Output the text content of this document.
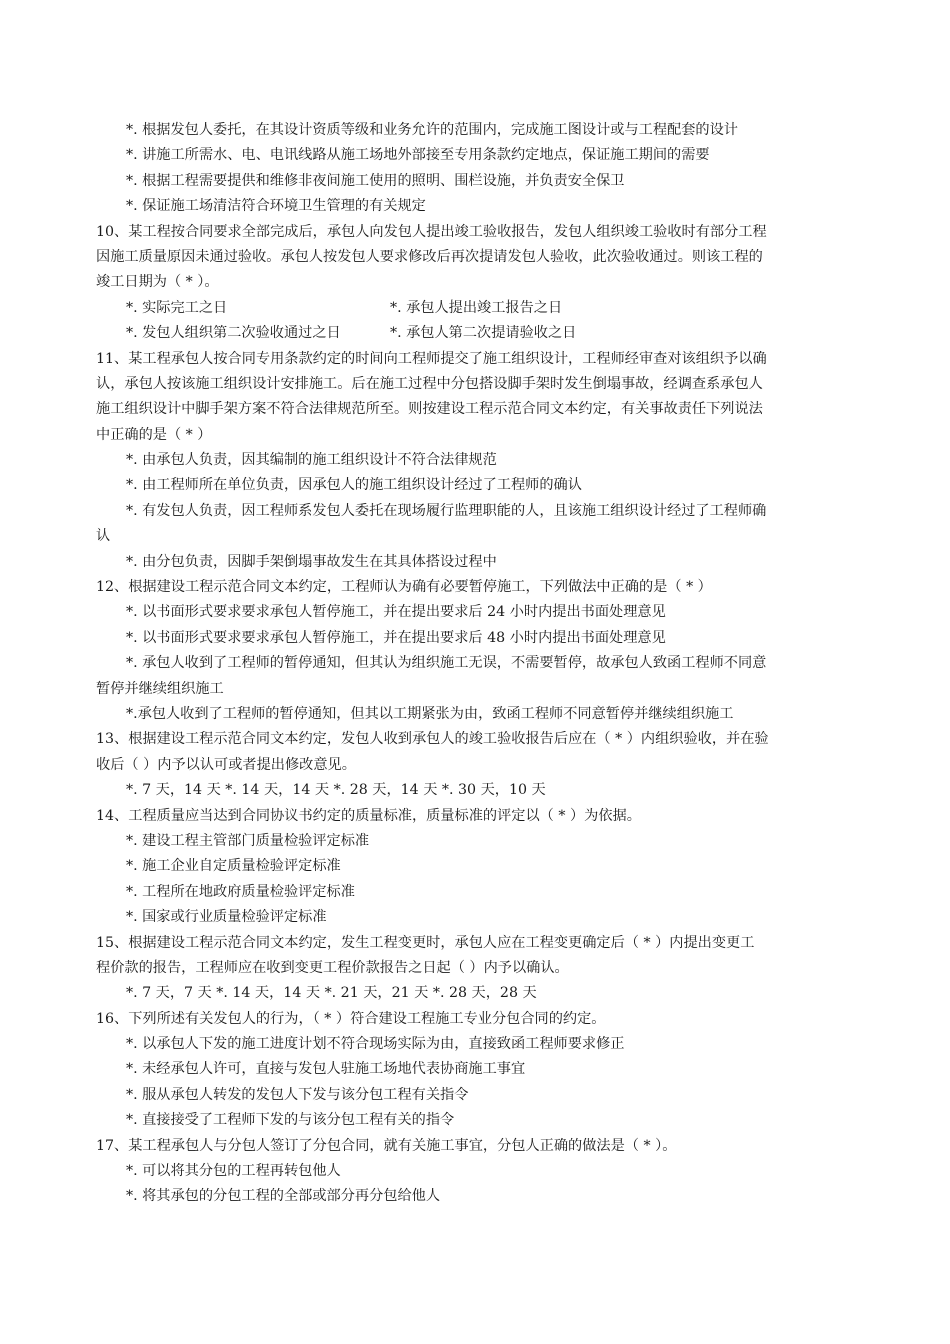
*. 根据发包人委托，在其设计资质等级和业务允许的范围内，完成施工图设计或与工程配套的设计
*. 讲施工所需水、电、电讯线路从施工场地外部接至专用条款约定地点，保证施工期间的需要
*. 根据工程需要提供和维修非夜间施工使用的照明、围栏设施，并负责安全保卫
*. 保证施工场清洁符合环境卫生管理的有关规定
10、某工程按合同要求全部完成后，承包人向发包人提出竣工验收报告，发包人组织竣工验收时有部分工程
因施工质量原因未通过验收。承包人按发包人要求修改后再次提请发包人验收，此次验收通过。则该工程的
竣工日期为（ * ）。
*. 实际完工之日	*. 承包人提出竣工报告之日
*. 发包人组织第二次验收通过之日	*. 承包人第二次提请验收之日
11、某工程承包人按合同专用条款约定的时间向工程师提交了施工组织设计，工程师经审查对该组织予以确
认，承包人按该施工组织设计安排施工。后在施工过程中分包搭设脚手架时发生倒塌事故，经调查系承包人
施工组织设计中脚手架方案不符合法律规范所至。则按建设工程示范合同文本约定，有关事故责任下列说法
中正确的是（ * ）
*. 由承包人负责，因其编制的施工组织设计不符合法律规范
*. 由工程师所在单位负责，因承包人的施工组织设计经过了工程师的确认
*. 有发包人负责，因工程师系发包人委托在现场履行监理职能的人，且该施工组织设计经过了工程师确
认
*. 由分包负责，因脚手架倒塌事故发生在其具体搭设过程中
12、根据建设工程示范合同文本约定，工程师认为确有必要暂停施工，下列做法中正确的是（ * ）
*. 以书面形式要求要求承包人暂停施工，并在提出要求后 24 小时内提出书面处理意见
*. 以书面形式要求要求承包人暂停施工，并在提出要求后 48 小时内提出书面处理意见
*. 承包人收到了工程师的暂停通知，但其认为组织施工无误，不需要暂停，故承包人致函工程师不同意
暂停并继续组织施工
*.承包人收到了工程师的暂停通知，但其以工期紧张为由，致函工程师不同意暂停并继续组织施工
13、根据建设工程示范合同文本约定，发包人收到承包人的竣工验收报告后应在（ * ）内组织验收，并在验
收后（ ）内予以认可或者提出修改意见。
*. 7 天，14 天 *. 14 天，14 天 *. 28 天，14 天 *. 30 天，10 天
14、工程质量应当达到合同协议书约定的质量标准，质量标准的评定以（ * ）为依据。
*. 建设工程主管部门质量检验评定标准
*. 施工企业自定质量检验评定标准
*. 工程所在地政府质量检验评定标准
*. 国家或行业质量检验评定标准
15、根据建设工程示范合同文本约定，发生工程变更时，承包人应在工程变更确定后（ * ）内提出变更工
程价款的报告，工程师应在收到变更工程价款报告之日起（ ）内予以确认。
*. 7 天，7 天 *. 14 天，14 天 *. 21 天，21 天 *. 28 天，28 天
16、下列所述有关发包人的行为，（ * ）符合建设工程施工专业分包合同的约定。
*. 以承包人下发的施工进度计划不符合现场实际为由，直接致函工程师要求修正
*. 未经承包人许可，直接与发包人驻施工场地代表协商施工事宜
*. 服从承包人转发的发包人下发与该分包工程有关指令
*. 直接接受了工程师下发的与该分包工程有关的指令
17、某工程承包人与分包人签订了分包合同，就有关施工事宜，分包人正确的做法是（ * ）。
*. 可以将其分包的工程再转包他人
*. 将其承包的分包工程的全部或部分再分包给他人
